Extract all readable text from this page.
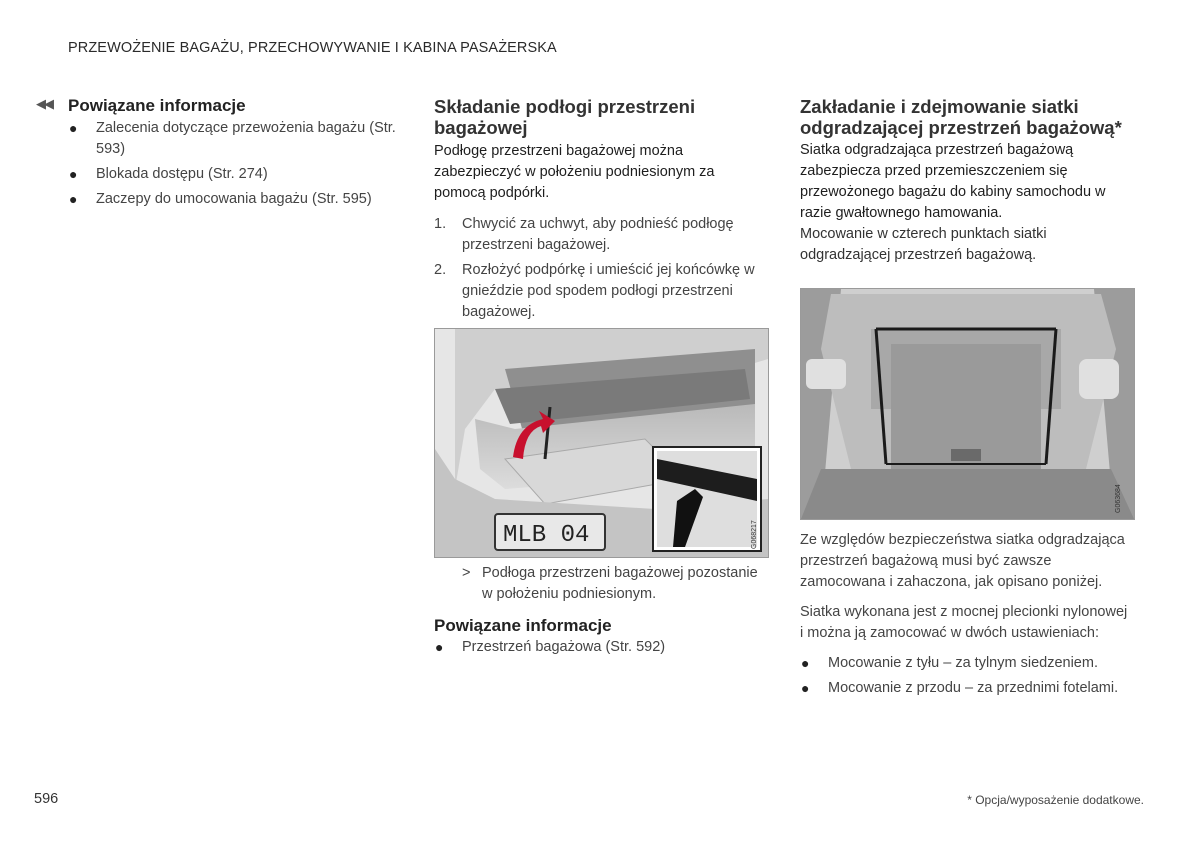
PRZEWOŻENIE BAGAŻU, PRZECHOWYWANIE I KABINA PASAŻERSKA
◀◀ Powiązane informacje
● Zalecenia dotyczące przewożenia bagażu (Str. 593)
● Blokada dostępu (Str. 274)
● Zaczepy do umocowania bagażu (Str. 595)
Składanie podłogi przestrzeni bagażowej

Podłogę przestrzeni bagażowej można zabezpieczyć w położeniu podniesionym za pomocą podpórki.

1. Chwycić za uchwyt, aby podnieść podłogę przestrzeni bagażowej.
2. Rozłożyć podpórkę i umieścić jej końcówkę w gnieździe pod spodem podłogi przestrzeni bagażowej.
MLB 04	G068217
> Podłoga przestrzeni bagażowej pozostanie w położeniu podniesionym.
Powiązane informacje
● Przestrzeń bagażowa (Str. 592)
Zakładanie i zdejmowanie siatki odgradzającej przestrzeń bagażową*

Siatka odgradzająca przestrzeń bagażową zabezpiecza przed przemieszczeniem się przewożonego bagażu do kabiny samochodu w razie gwałtownego hamowania.

Mocowanie w czterech punktach siatki odgradzającej przestrzeń bagażową.

G063684

Ze względów bezpieczeństwa siatka odgradzająca przestrzeń bagażową musi być zawsze zamocowana i zahaczona, jak opisano poniżej.

Siatka wykonana jest z mocnej plecionki nylonowej i można ją zamocować w dwóch ustawieniach:

● Mocowanie z tyłu – za tylnym siedzeniem.
● Mocowanie z przodu – za przednimi fotelami.
596	* Opcja/wyposażenie dodatkowe.
